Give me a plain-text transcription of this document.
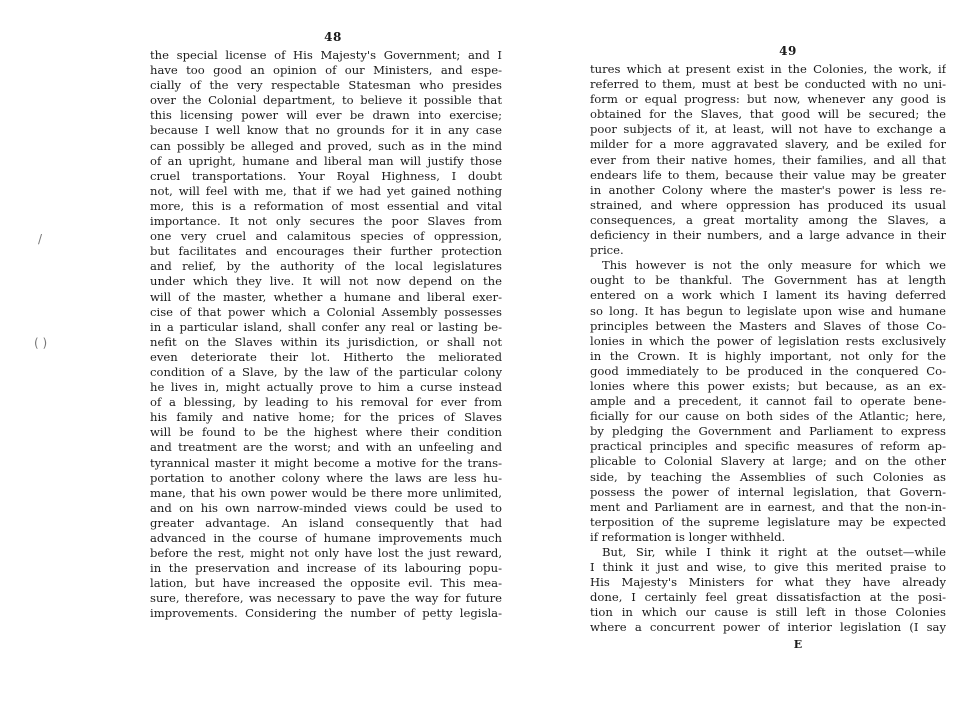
/
( )
48
the special license of His Majesty's Government; and I
have too good an opinion of our Ministers, and espe-
cially of the very respectable Statesman who presides
over the Colonial department, to believe it possible that
this licensing power will ever be drawn into exercise;
because I well know that no grounds for it in any case
can possibly be alleged and proved, such as in the mind
of an upright, humane and liberal man will justify those
cruel transportations. Your Royal Highness, I doubt
not, will feel with me, that if we had yet gained nothing
more, this is a reformation of most essential and vital
importance. It not only secures the poor Slaves from
one very cruel and calamitous species of oppression,
but facilitates and encourages their further protection
and relief, by the authority of the local legislatures
under which they live. It will not now depend on the
will of the master, whether a humane and liberal exer-
cise of that power which a Colonial Assembly possesses
in a particular island, shall confer any real or lasting be-
nefit on the Slaves within its jurisdiction, or shall not
even deteriorate their lot. Hitherto the meliorated
condition of a Slave, by the law of the particular colony
he lives in, might actually prove to him a curse instead
of a blessing, by leading to his removal for ever from
his family and native home; for the prices of Slaves
will be found to be the highest where their condition
and treatment are the worst; and with an unfeeling and
tyrannical master it might become a motive for the trans-
portation to another colony where the laws are less hu-
mane, that his own power would be there more unlimited,
and on his own narrow-minded views could be used to
greater advantage. An island consequently that had
advanced in the course of humane improvements much
before the rest, might not only have lost the just reward,
in the preservation and increase of its labouring popu-
lation, but have increased the opposite evil. This mea-
sure, therefore, was necessary to pave the way for future
improvements. Considering the number of petty legisla-
49
tures which at present exist in the Colonies, the work, if
referred to them, must at best be conducted with no uni-
form or equal progress: but now, whenever any good is
obtained for the Slaves, that good will be secured; the
poor subjects of it, at least, will not have to exchange a
milder for a more aggravated slavery, and be exiled for
ever from their native homes, their families, and all that
endears life to them, because their value may be greater
in another Colony where the master's power is less re-
strained, and where oppression has produced its usual
consequences, a great mortality among the Slaves, a
deficiency in their numbers, and a large advance in their
price.
This however is not the only measure for which we
ought to be thankful. The Government has at length
entered on a work which I lament its having deferred
so long. It has begun to legislate upon wise and humane
principles between the Masters and Slaves of those Co-
lonies in which the power of legislation rests exclusively
in the Crown. It is highly important, not only for the
good immediately to be produced in the conquered Co-
lonies where this power exists; but because, as an ex-
ample and a precedent, it cannot fail to operate bene-
ficially for our cause on both sides of the Atlantic; here,
by pledging the Government and Parliament to express
practical principles and specific measures of reform ap-
plicable to Colonial Slavery at large; and on the other
side, by teaching the Assemblies of such Colonies as
possess the power of internal legislation, that Govern-
ment and Parliament are in earnest, and that the non-in-
terposition of the supreme legislature may be expected
if reformation is longer withheld.
But, Sir, while I think it right at the outset—while
I think it just and wise, to give this merited praise to
His Majesty's Ministers for what they have already
done, I certainly feel great dissatisfaction at the posi-
tion in which our cause is still left in those Colonies
where a concurrent power of interior legislation (I say
E
